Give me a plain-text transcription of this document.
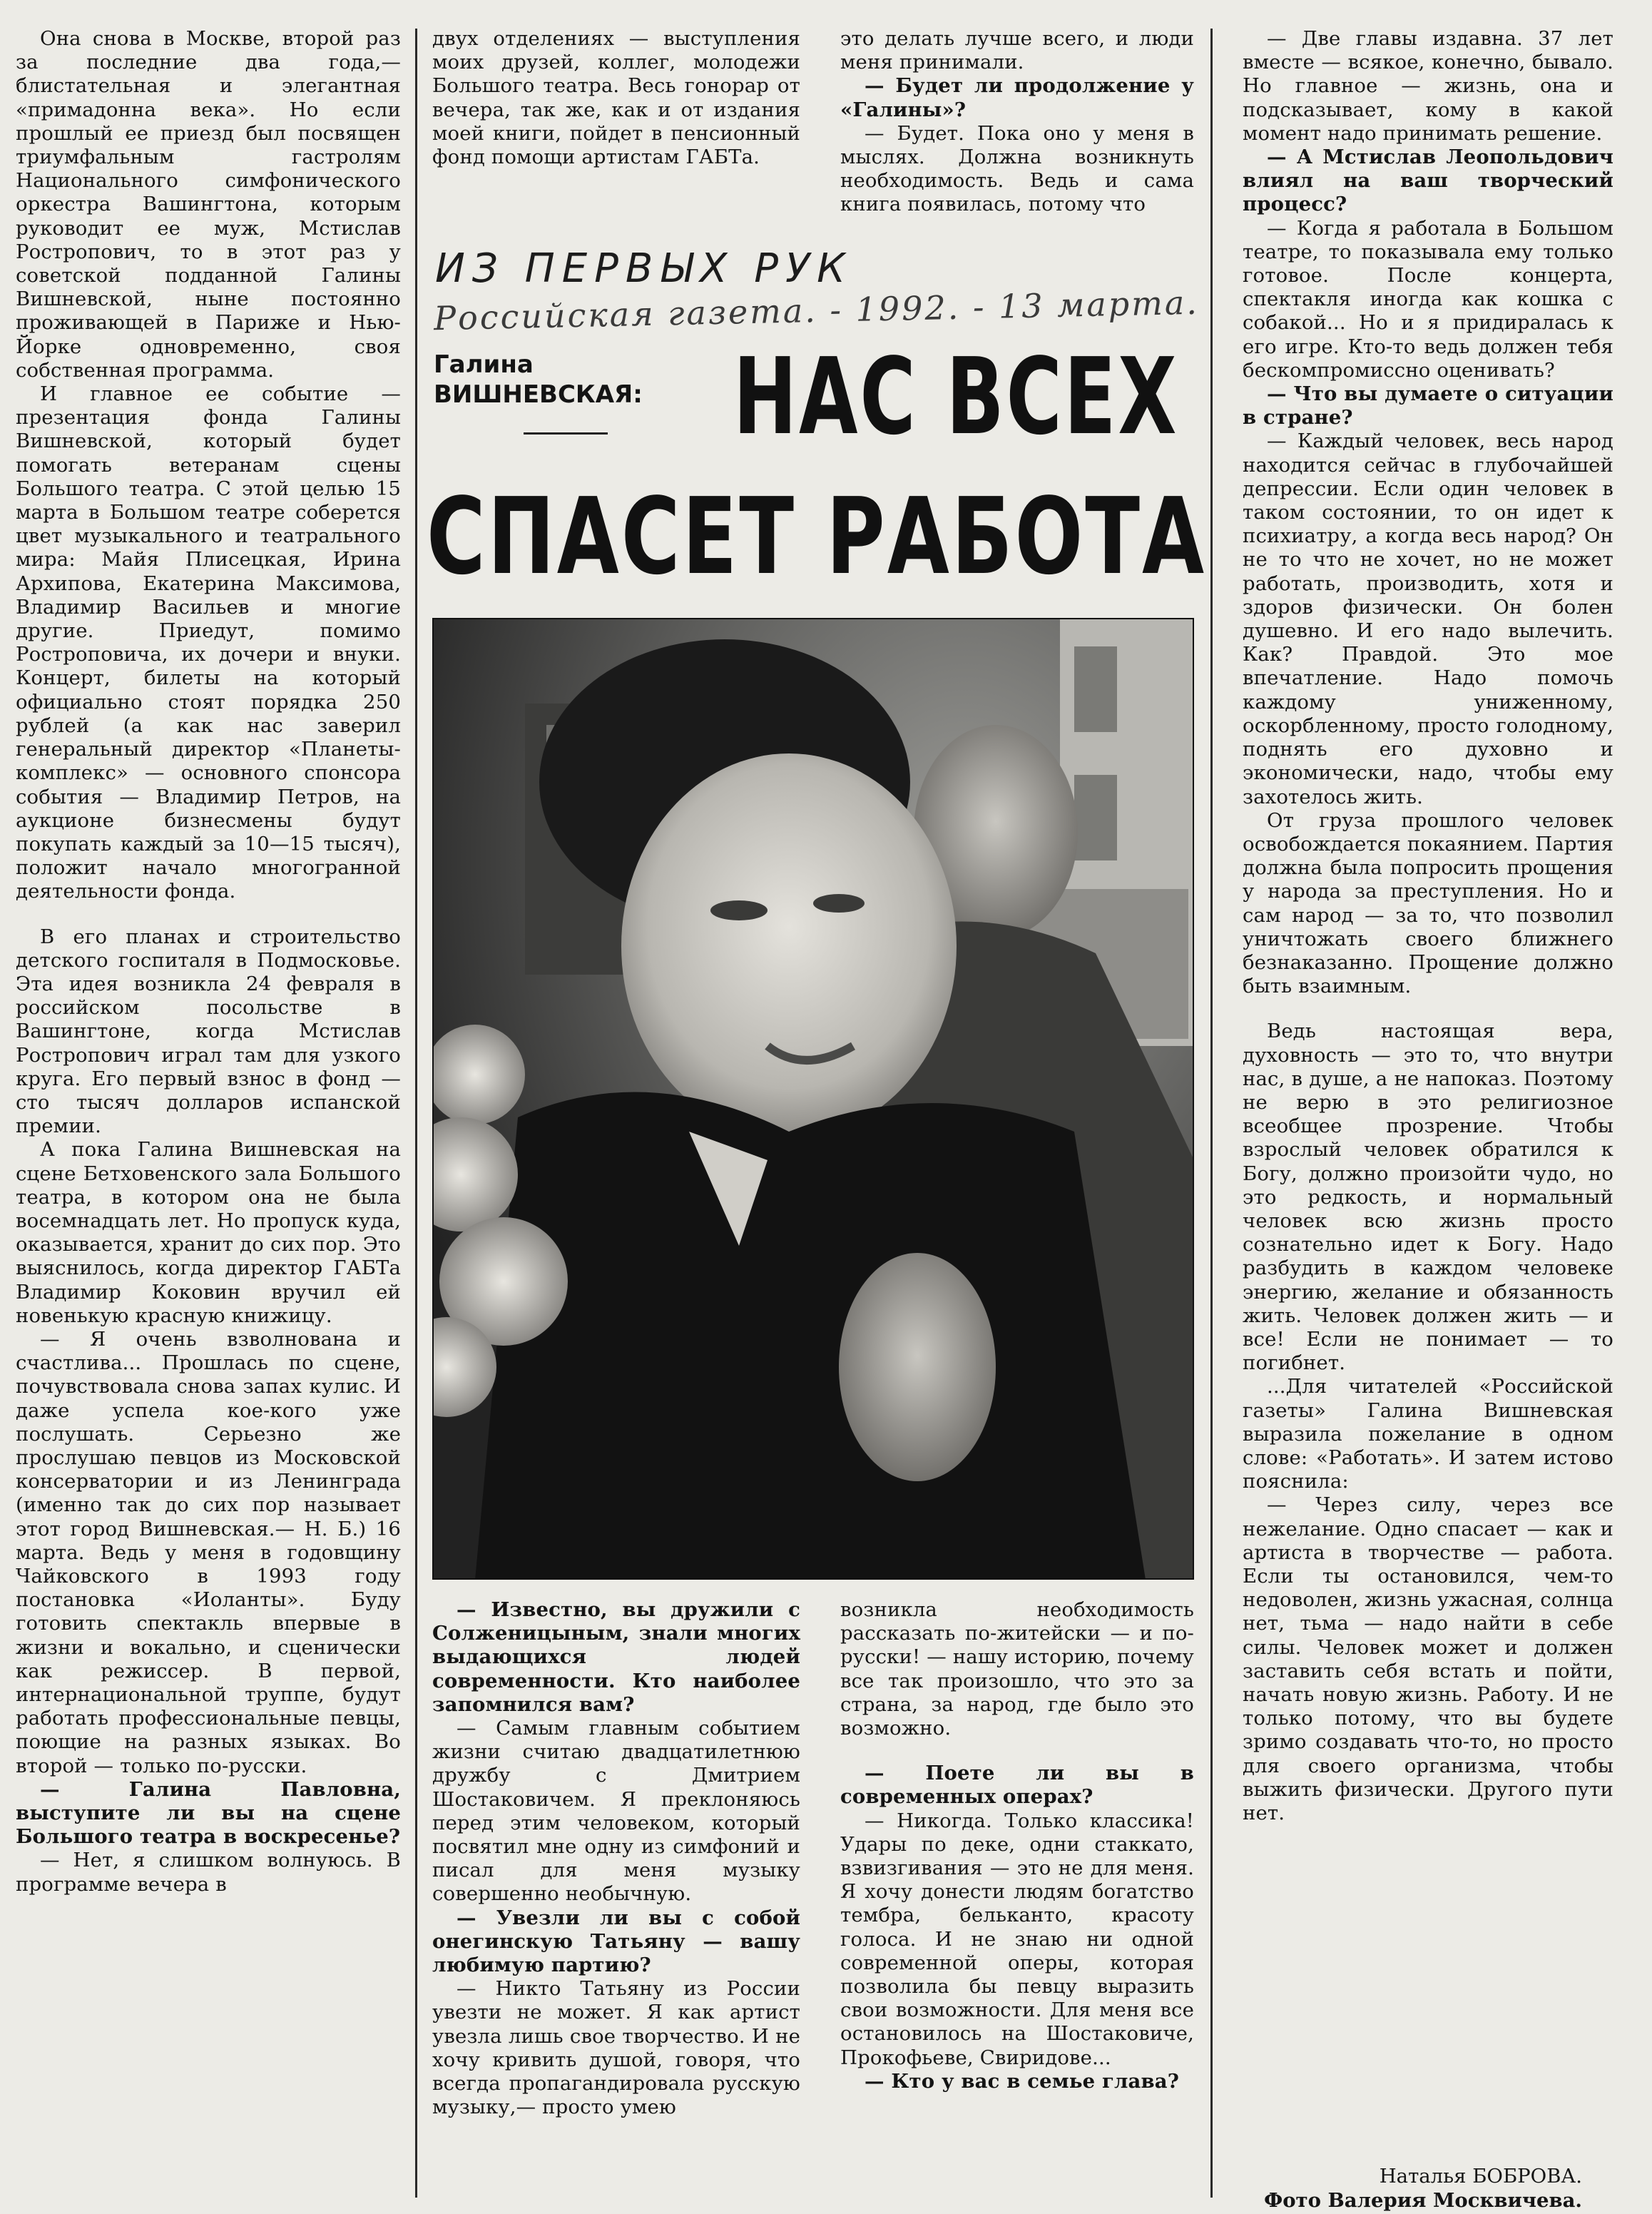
Она снова в Москве, второй раз за последние два года,— блистательная и элегантная «примадонна века». Но если прошлый ее приезд был посвящен триумфальным гастролям Национального симфонического оркестра Вашингтона, которым руководит ее муж, Мстислав Ростропович, то в этот раз у советской подданной Галины Вишневской, ныне постоянно проживающей в Париже и Нью-Йорке одновременно, своя собственная программа.

И главное ее событие — презентация фонда Галины Вишневской, который будет помогать ветеранам сцены Большого театра. С этой целью 15 марта в Большом театре соберется цвет музыкального и театрального мира: Майя Плисецкая, Ирина Архипова, Екатерина Максимова, Владимир Васильев и многие другие. Приедут, помимо Ростроповича, их дочери и внуки. Концерт, билеты на который официально стоят порядка 250 рублей (а как нас заверил генеральный директор «Планеты-комплекс» — основного спонсора события — Владимир Петров, на аукционе бизнесмены будут покупать каждый за 10—15 тысяч), положит начало многогранной деятельности фонда.

В его планах и строительство детского госпиталя в Подмосковье. Эта идея возникла 24 февраля в российском посольстве в Вашингтоне, когда Мстислав Ростропович играл там для узкого круга. Его первый взнос в фонд — сто тысяч долларов испанской премии.

А пока Галина Вишневская на сцене Бетховенского зала Большого театра, в котором она не была восемнадцать лет. Но пропуск куда, оказывается, хранит до сих пор. Это выяснилось, когда директор ГАБТа Владимир Коковин вручил ей новенькую красную книжицу.

— Я очень взволнована и счастлива... Прошлась по сцене, почувствовала снова запах кулис. И даже успела кое-кого уже послушать. Серьезно же прослушаю певцов из Московской консерватории и из Ленинграда (именно так до сих пор называет этот город Вишневская.— Н. Б.) 16 марта. Ведь у меня в годовщину Чайковского в 1993 году постановка «Иоланты». Буду готовить спектакль впервые в жизни и вокально, и сценически как режиссер. В первой, интернациональной труппе, будут работать профессиональные певцы, поющие на разных языках. Во второй — только по-русски.

— Галина Павловна, выступите ли вы на сцене Большого театра в воскресенье?

— Нет, я слишком волнуюсь. В программе вечера в

двух отделениях — выступления моих друзей, коллег, молодежи Большого театра. Весь гонорар от вечера, так же, как и от издания моей книги, пойдет в пенсионный фонд помощи артистам ГАБТа.

это делать лучше всего, и люди меня принимали.

— Будет ли продолжение у «Галины»?

— Будет. Пока оно у меня в мыслях. Должна возникнуть необходимость. Ведь и сама книга появилась, потому что

ИЗ ПЕРВЫХ РУК
Российская газета. - 1992. - 13 марта.
Галина
ВИШНЕВСКАЯ: НАС ВСЕХ
СПАСЕТ РАБОТА

— Известно, вы дружили с Солженицыным, знали многих выдающихся людей современности. Кто наиболее запомнился вам?

— Самым главным событием жизни считаю двадцатилетнюю дружбу с Дмитрием Шостаковичем. Я преклоняюсь перед этим человеком, который посвятил мне одну из симфоний и писал для меня музыку совершенно необычную.

— Увезли ли вы с собой онегинскую Татьяну — вашу любимую партию?

— Никто Татьяну из России увезти не может. Я как артист увезла лишь свое творчество. И не хочу кривить душой, говоря, что всегда пропагандировала русскую музыку,— просто умею

возникла необходимость рассказать по-житейски — и по-русски! — нашу историю, почему все так произошло, что это за страна, за народ, где было это возможно.

— Поете ли вы в современных операх?

— Никогда. Только классика! Удары по деке, одни стаккато, взвизгивания — это не для меня. Я хочу донести людям богатство тембра, бельканто, красоту голоса. И не знаю ни одной современной оперы, которая позволила бы певцу выразить свои возможности. Для меня все остановилось на Шостаковиче, Прокофьеве, Свиридове...

— Кто у вас в семье глава?

— Две главы издавна. 37 лет вместе — всякое, конечно, бывало. Но главное — жизнь, она и подсказывает, кому в какой момент надо принимать решение.

— А Мстислав Леопольдович влиял на ваш творческий процесс?

— Когда я работала в Большом театре, то показывала ему только готовое. После концерта, спектакля иногда как кошка с собакой... Но и я придиралась к его игре. Кто-то ведь должен тебя бескомпромиссно оценивать?

— Что вы думаете о ситуации в стране?

— Каждый человек, весь народ находится сейчас в глубочайшей депрессии. Если один человек в таком состоянии, то он идет к психиатру, а когда весь народ? Он не то что не хочет, но не может работать, производить, хотя и здоров физически. Он болен душевно. И его надо вылечить. Как? Правдой. Это мое впечатление. Надо помочь каждому униженному, оскорбленному, просто голодному, поднять его духовно и экономически, надо, чтобы ему захотелось жить.

От груза прошлого человек освобождается покаянием. Партия должна была попросить прощения у народа за преступления. Но и сам народ — за то, что позволил уничтожать своего ближнего безнаказанно. Прощение должно быть взаимным.

Ведь настоящая вера, духовность — это то, что внутри нас, в душе, а не напоказ. Поэтому не верю в это религиозное всеобщее прозрение. Чтобы взрослый человек обратился к Богу, должно произойти чудо, но это редкость, и нормальный человек всю жизнь просто сознательно идет к Богу. Надо разбудить в каждом человеке энергию, желание и обязанность жить. Человек должен жить — и все! Если не понимает — то погибнет.

...Для читателей «Российской газеты» Галина Вишневская выразила пожелание в одном слове: «Работать». И затем истово пояснила:

— Через силу, через все нежелание. Одно спасает — как и артиста в творчестве — работа. Если ты остановился, чем-то недоволен, жизнь ужасная, солнца нет, тьма — надо найти в себе силы. Человек может и должен заставить себя встать и пойти, начать новую жизнь. Работу. И не только потому, что вы будете зримо создавать что-то, но просто для своего организма, чтобы выжить физически. Другого пути нет.

Наталья БОБРОВА.
Фото Валерия Москвичева.
